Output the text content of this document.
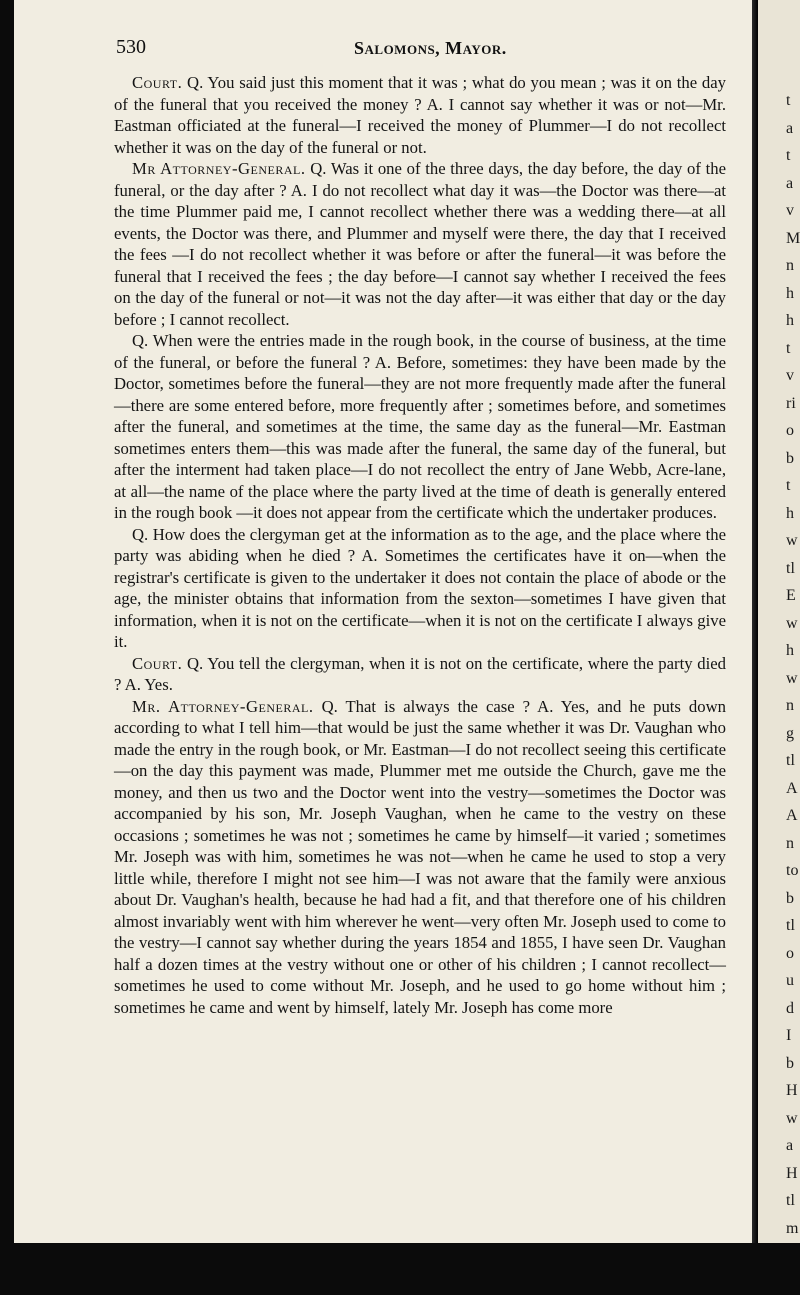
530	Salomons, Mayor.

Court. Q. You said just this moment that it was ; what do you mean ; was it on the day of the funeral that you received the money ? A. I cannot say whether it was or not—Mr. Eastman officiated at the funeral—I received the money of Plummer—I do not recollect whether it was on the day of the funeral or not.

Mr Attorney-General. Q. Was it one of the three days, the day before, the day of the funeral, or the day after ? A. I do not recollect what day it was—the Doctor was there—at the time Plummer paid me, I cannot recollect whether there was a wedding there—at all events, the Doctor was there, and Plummer and myself were there, the day that I received the fees —I do not recollect whether it was before or after the funeral—it was before the funeral that I received the fees ; the day before—I cannot say whether I received the fees on the day of the funeral or not—it was not the day after—it was either that day or the day before ; I cannot recollect.

Q. When were the entries made in the rough book, in the course of business, at the time of the funeral, or before the funeral ? A. Before, sometimes: they have been made by the Doctor, sometimes before the funeral—they are not more frequently made after the funeral—there are some entered before, more frequently after ; sometimes before, and sometimes after the funeral, and sometimes at the time, the same day as the funeral—Mr. Eastman sometimes enters them—this was made after the funeral, the same day of the funeral, but after the interment had taken place—I do not recollect the entry of Jane Webb, Acre-lane, at all—the name of the place where the party lived at the time of death is generally entered in the rough book —it does not appear from the certificate which the undertaker produces.

Q. How does the clergyman get at the information as to the age, and the place where the party was abiding when he died ? A. Sometimes the certificates have it on—when the registrar's certificate is given to the undertaker it does not contain the place of abode or the age, the minister obtains that information from the sexton—sometimes I have given that information, when it is not on the certificate—when it is not on the certificate I always give it.

Court. Q. You tell the clergyman, when it is not on the certificate, where the party died ? A. Yes.

Mr. Attorney-General. Q. That is always the case ? A. Yes, and he puts down according to what I tell him—that would be just the same whether it was Dr. Vaughan who made the entry in the rough book, or Mr. Eastman—I do not recollect seeing this certificate—on the day this payment was made, Plummer met me outside the Church, gave me the money, and then us two and the Doctor went into the vestry—sometimes the Doctor was accompanied by his son, Mr. Joseph Vaughan, when he came to the vestry on these occasions ; sometimes he was not ; sometimes he came by himself—it varied ; sometimes Mr. Joseph was with him, sometimes he was not—when he came he used to stop a very little while, therefore I might not see him—I was not aware that the family were anxious about Dr. Vaughan's health, because he had had a fit, and that therefore one of his children almost invariably went with him wherever he went—very often Mr. Joseph used to come to the vestry—I cannot say whether during the years 1854 and 1855, I have seen Dr. Vaughan half a dozen times at the vestry without one or other of his children ; I cannot recollect—sometimes he used to come without Mr. Joseph, and he used to go home without him ; sometimes he came and went by himself, lately Mr. Joseph has come more

t
a
t
a
v
M
n
h
h
t
v
ri
o
b
t
h
w
tl
E
w
h
w
n
g
tl
A
A
n
to
b
tl
o
u
d
I
b
H
w
a
H
tl
m
